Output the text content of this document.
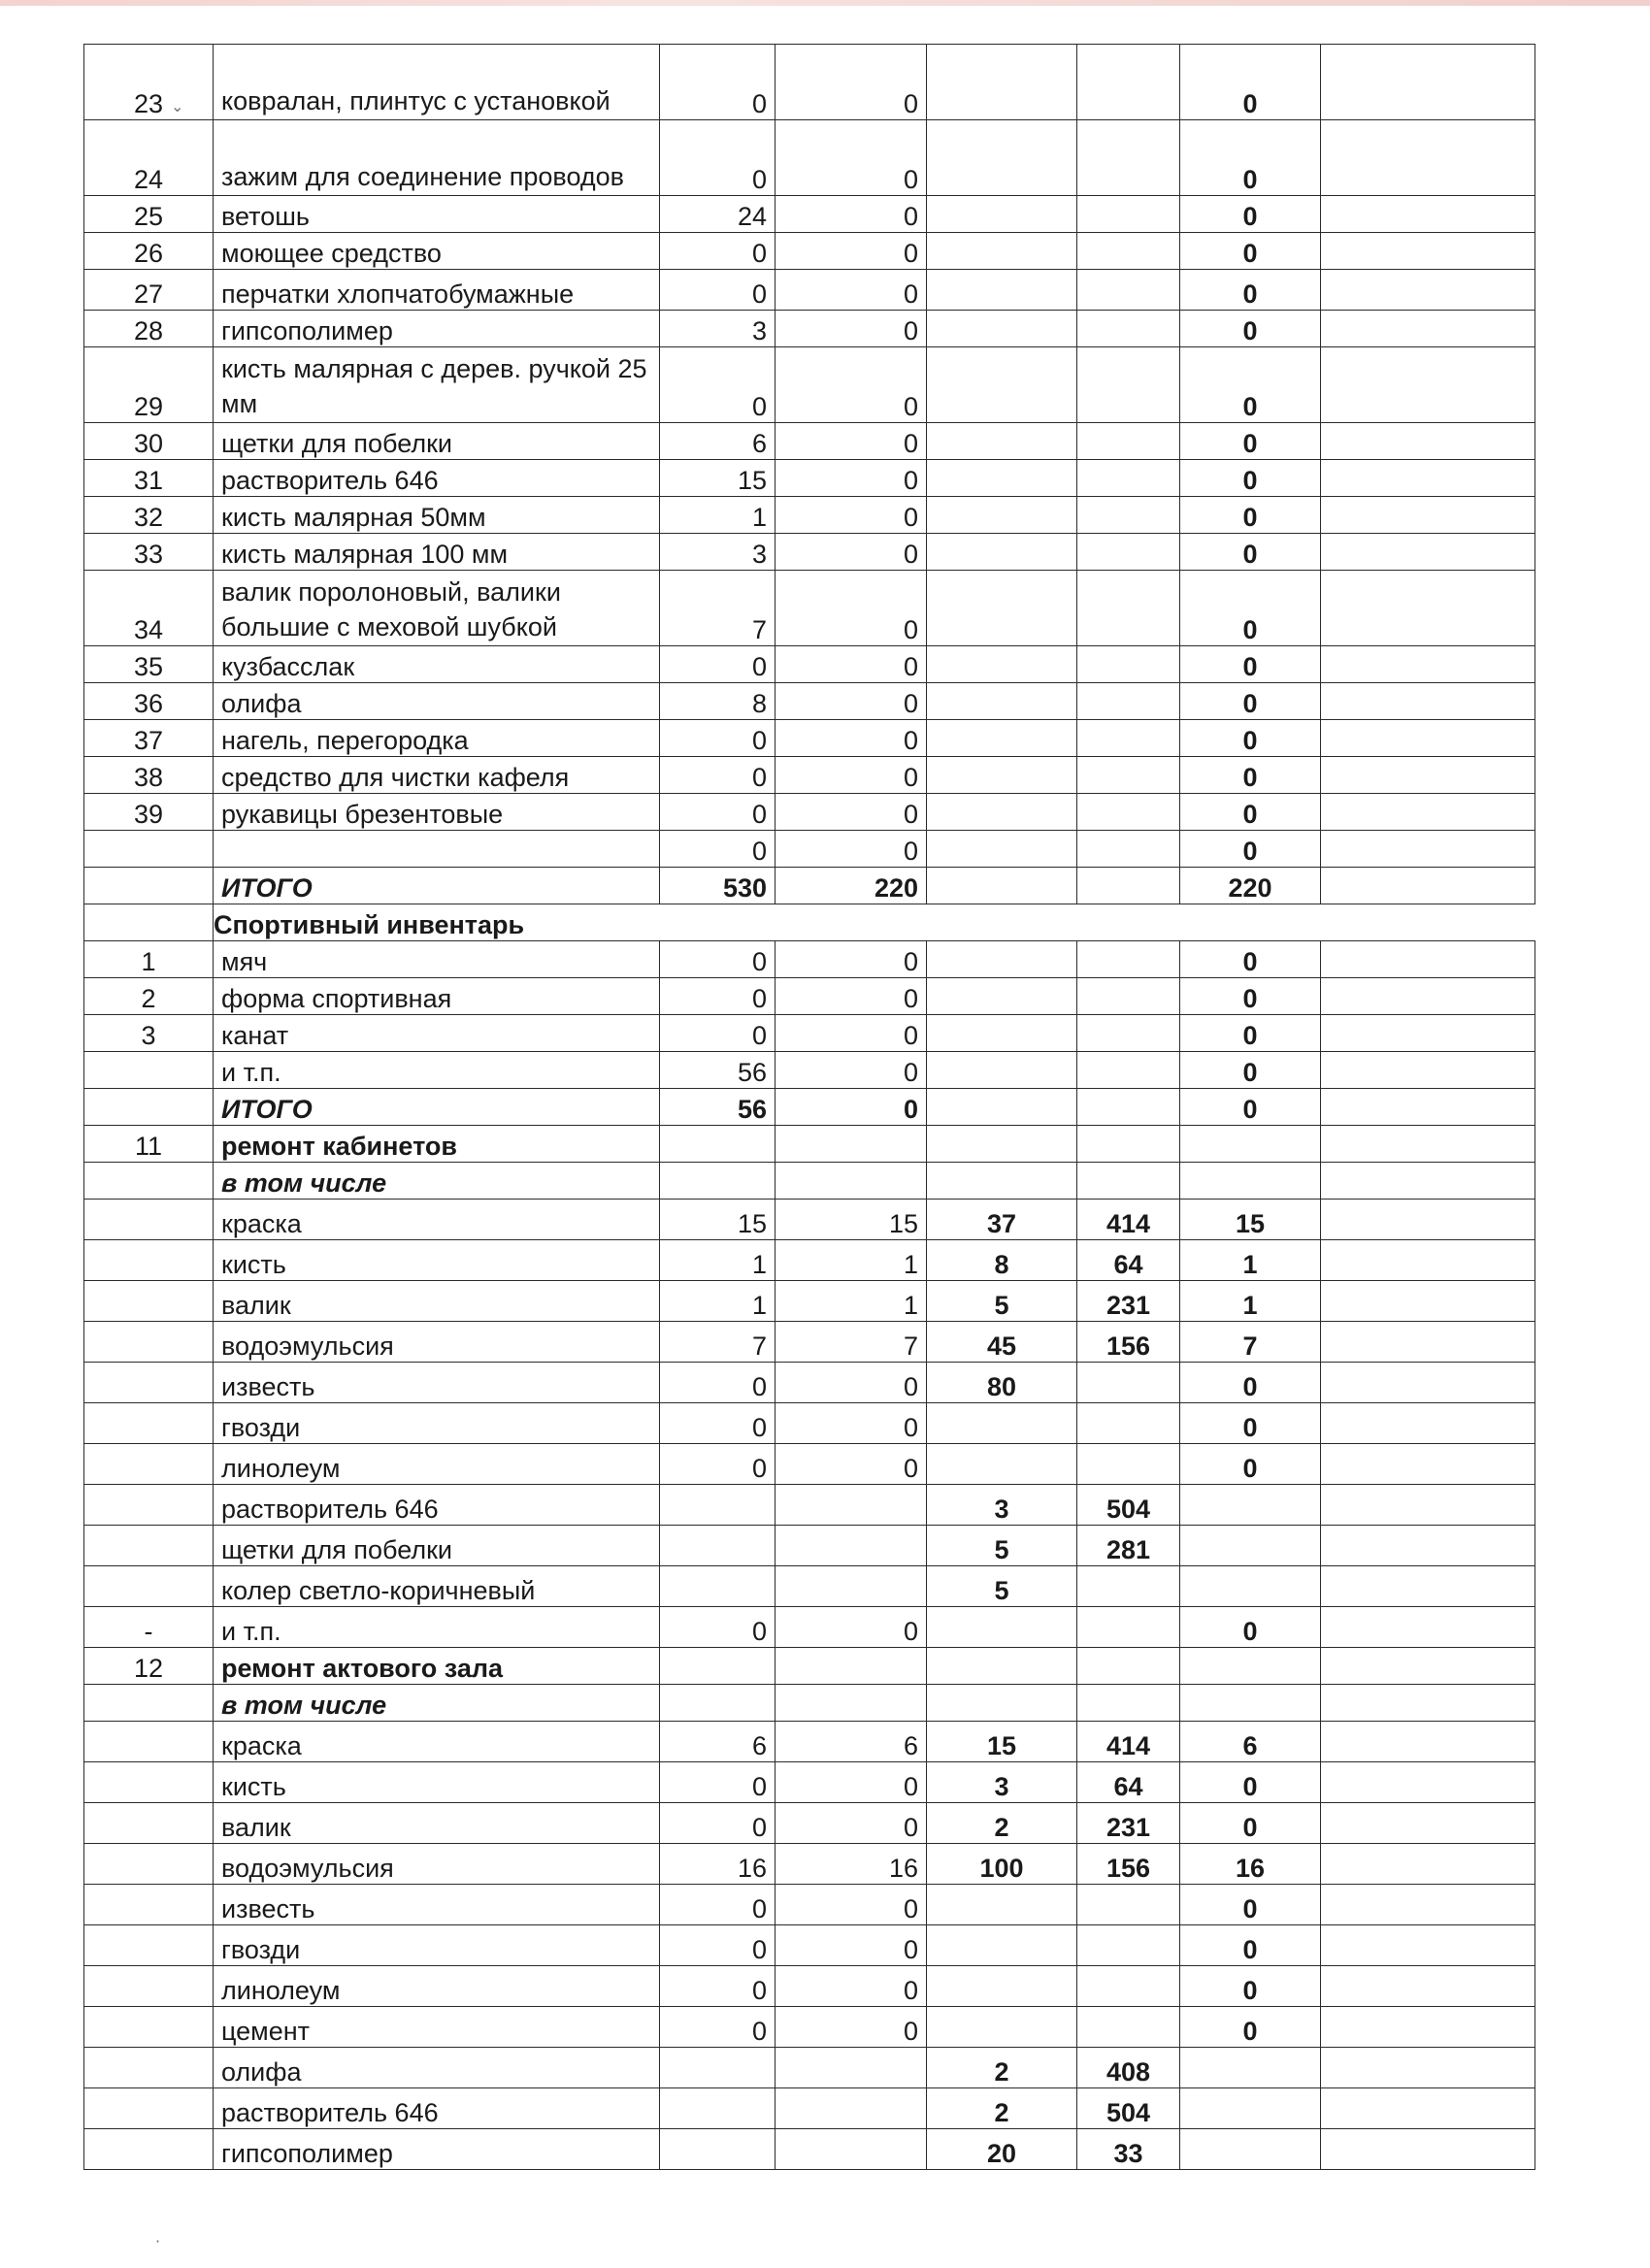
23	ковралан, плинтус с установкой	0	0			0	
24	зажим для соединение проводов	0	0			0	
25	ветошь	24	0			0	
26	моющее средство	0	0			0	
27	перчатки хлопчатобумажные	0	0			0	
28	гипсополимер	3	0			0	
29	кисть малярная с дерев. ручкой 25 мм	0	0			0	
30	щетки для побелки	6	0			0	
31	растворитель 646	15	0			0	
32	кисть малярная 50мм	1	0			0	
33	кисть малярная 100 мм	3	0			0	
34	валик поролоновый, валики большие с меховой шубкой	7	0			0	
35	кузбасслак	0	0			0	
36	олифа	8	0			0	
37	нагель, перегородка	0	0			0	
38	средство для чистки кафеля	0	0			0	
39	рукавицы брезентовые	0	0			0	
		0	0			0	
	ИТОГО	530	220			220	
	Спортивный инвентарь						
1	мяч	0	0			0	
2	форма спортивная	0	0			0	
3	канат	0	0			0	
	и т.п.	56	0			0	
	ИТОГО	56	0			0	
11	ремонт кабинетов						
	в том числе						
	краска	15	15	37	414	15	
	кисть	1	1	8	64	1	
	валик	1	1	5	231	1	
	водоэмульсия	7	7	45	156	7	
	известь	0	0	80		0	
	гвозди	0	0			0	
	линолеум	0	0			0	
	растворитель 646			3	504		
	щетки для побелки			5	281		
	колер светло-коричневый			5			
-	и т.п.	0	0			0	
12	ремонт актового зала						
	в том числе						
	краска	6	6	15	414	6	
	кисть	0	0	3	64	0	
	валик	0	0	2	231	0	
	водоэмульсия	16	16	100	156	16	
	известь	0	0			0	
	гвозди	0	0			0	
	линолеум	0	0			0	
	цемент	0	0			0	
	олифа			2	408		
	растворитель 646			2	504		
	гипсополимер			20	33		
⌄
·
